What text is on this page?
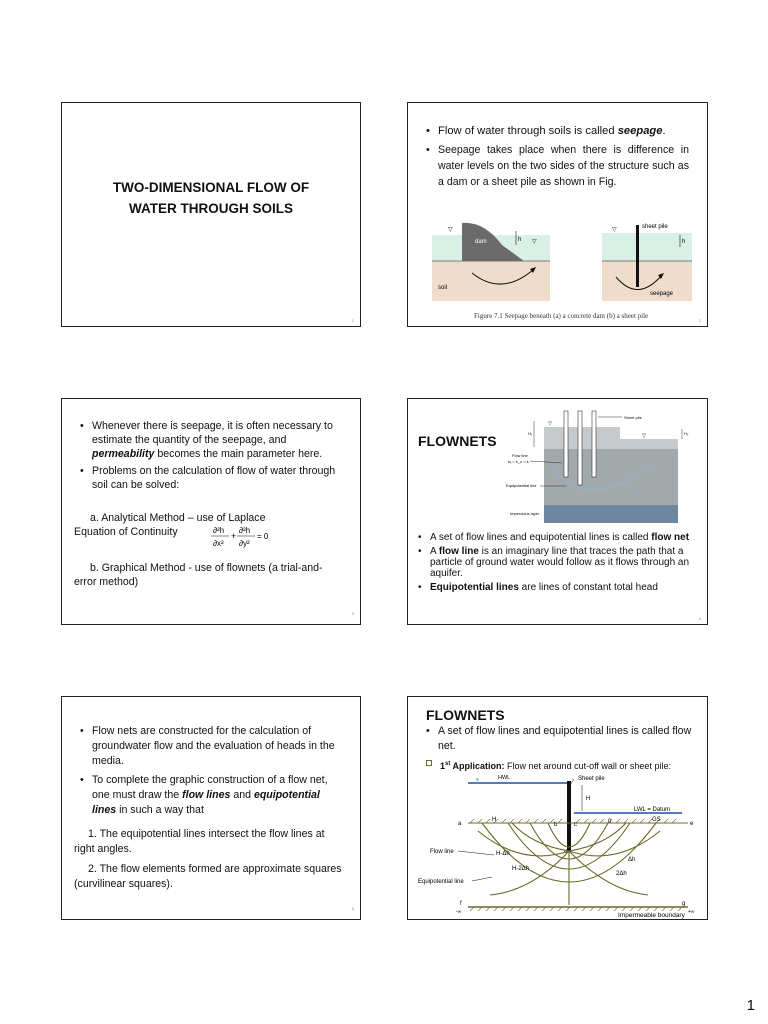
TWO-DIMENSIONAL FLOW OF
WATER THROUGH SOILS
1
• Flow of water through soils is called seepage.
• Seepage takes place when there is difference in water levels on the two sides of the structure such as a dam or a sheet pile as shown in Fig.
h
dam
soil
▽
▽
sheet pile
seepage
h
▽
Figure 7.1 Seepage beneath (a) a concrete dam (b) a sheet pile
2
• Whenever there is seepage, it is often necessary to estimate the quantity of the seepage, and permeability becomes the main parameter here.
• Problems on the calculation of flow of water through soil can be solved:
a. Analytical Method – use of Laplace
Equation of Continuity	∂²h
∂x²
+
∂²h
∂y²
= 0
b. Graphical Method - use of flownets (a trial-and-error method)
3
FLOWNETS
Sheet pile
Flow line
kₓ = k_z = k
Equipotential line
Impervious layer
H₁	H₂
▽
▽
• A set of flow lines and equipotential lines is called flow net
• A flow line is an imaginary line that traces the path that a particle of ground water would follow as it flows through an aquifer.
• Equipotential lines are lines of constant total head
4
• Flow nets are constructed for the calculation of groundwater flow and the evaluation of heads in the media.
• To complete the graphic construction of a flow net, one must draw the flow lines and equipotential lines in such a way that
1. The equipotential lines intersect the flow lines at right angles.
2. The flow elements formed are approximate squares (curvilinear squares).
5
FLOWNETS
• A set of flow lines and equipotential lines is called flow net.
1st Application: Flow net around cut-off wall or sheet pile:
HWL
≡	Sheet pile
H
LWL = Datum
a
H
b	c	0	GS
e
d
H-Δh
H-2Δh
Δh
2Δh
Flow line
Equipotential line
f
-∞
g
+∞
Impermeable boundary
1
